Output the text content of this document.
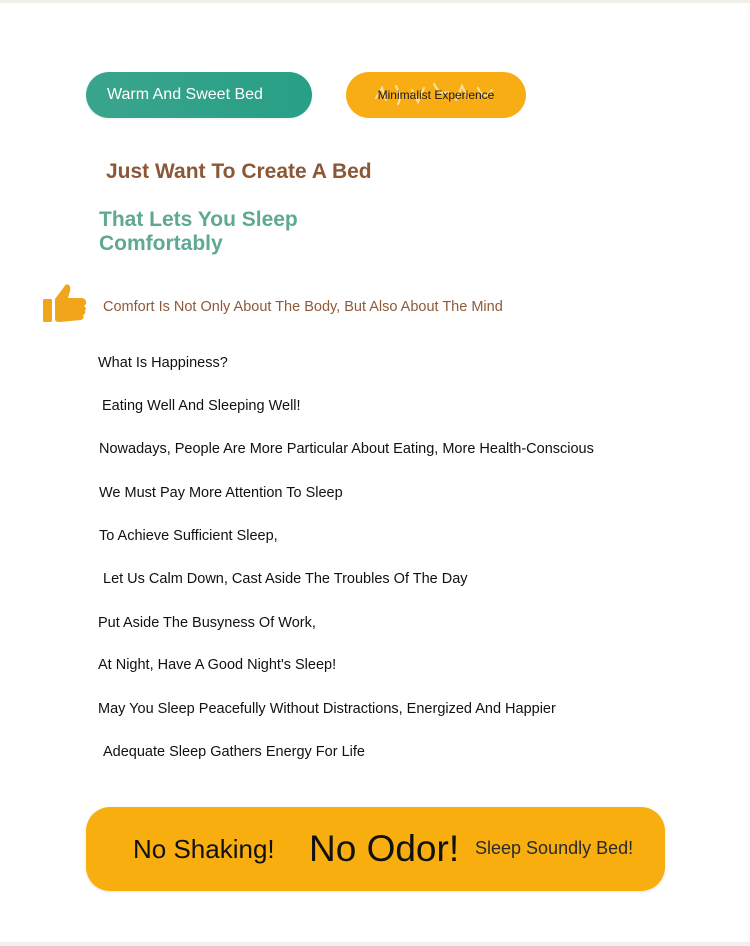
Warm And Sweet Bed	Minimalist Experience
Just Want To Create A Bed
That Lets You Sleep
Comfortably
Comfort Is Not Only About The Body, But Also About The Mind
What Is Happiness?
Eating Well And Sleeping Well!
Nowadays, People Are More Particular About Eating, More Health-Conscious
We Must Pay More Attention To Sleep
To Achieve Sufficient Sleep,
Let Us Calm Down, Cast Aside The Troubles Of The Day
Put Aside The Busyness Of Work,
At Night, Have A Good Night's Sleep!
May You Sleep Peacefully Without Distractions, Energized And Happier
Adequate Sleep Gathers Energy For Life
No Shaking! No Odor! Sleep Soundly Bed!
